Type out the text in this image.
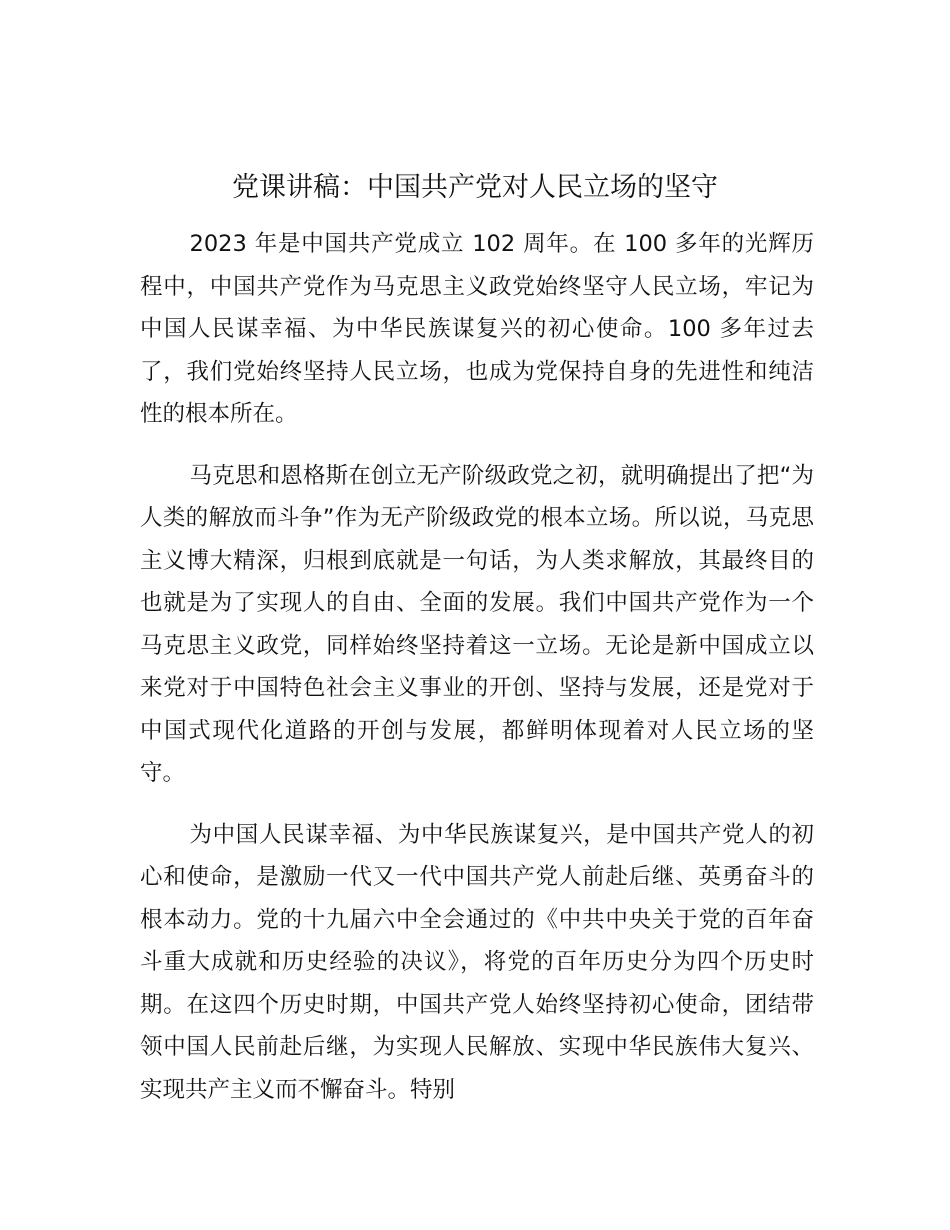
党课讲稿：中国共产党对人民立场的坚守

2023 年是中国共产党成立 102 周年。在 100 多年的光辉历程中，中国共产党作为马克思主义政党始终坚守人民立场，牢记为中国人民谋幸福、为中华民族谋复兴的初心使命。100 多年过去了，我们党始终坚持人民立场，也成为党保持自身的先进性和纯洁性的根本所在。

马克思和恩格斯在创立无产阶级政党之初，就明确提出了把“为人类的解放而斗争”作为无产阶级政党的根本立场。所以说，马克思主义博大精深，归根到底就是一句话，为人类求解放，其最终目的也就是为了实现人的自由、全面的发展。我们中国共产党作为一个马克思主义政党，同样始终坚持着这一立场。无论是新中国成立以来党对于中国特色社会主义事业的开创、坚持与发展，还是党对于中国式现代化道路的开创与发展，都鲜明体现着对人民立场的坚守。

为中国人民谋幸福、为中华民族谋复兴，是中国共产党人的初心和使命，是激励一代又一代中国共产党人前赴后继、英勇奋斗的根本动力。党的十九届六中全会通过的《中共中央关于党的百年奋斗重大成就和历史经验的决议》，将党的百年历史分为四个历史时期。在这四个历史时期，中国共产党人始终坚持初心使命，团结带领中国人民前赴后继，为实现人民解放、实现中华民族伟大复兴、实现共产主义而不懈奋斗。特别
